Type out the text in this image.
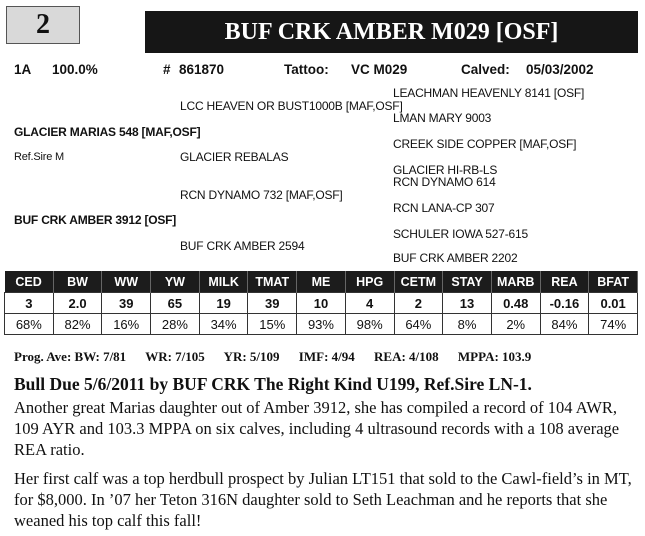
2	BUF CRK AMBER M029 [OSF]
1A 100.0%	# 861870	Tattoo: VC M029	Calved: 05/03/2002
LEACHMAN HEAVENLY 8141 [OSF]
LCC HEAVEN OR BUST1000B [MAF,OSF]
LMAN MARY 9003
GLACIER MARIAS 548 [MAF,OSF]
CREEK SIDE COPPER [MAF,OSF]
Ref.Sire M	GLACIER REBALAS
GLACIER HI-RB-LS
RCN DYNAMO 614
RCN DYNAMO 732 [MAF,OSF]
RCN LANA-CP 307
BUF CRK AMBER 3912 [OSF]
SCHULER IOWA 527-615
BUF CRK AMBER 2594
BUF CRK AMBER 2202
CED	BW	WW	YW	MILK	TMAT	ME	HPG	CETM	STAY	MARB	REA	BFAT
3	2.0	39	65	19	39	10	4	2	13	0.48	-0.16	0.01
68%	82%	16%	28%	34%	15%	93%	98%	64%	8%	2%	84%	74%
Prog. Ave: BW: 7/81 WR: 7/105 YR: 5/109 IMF: 4/94 REA: 4/108 MPPA: 103.9
Bull Due 5/6/2011 by BUF CRK The Right Kind U199, Ref.Sire LN-1.
Another great Marias daughter out of Amber 3912, she has compiled a record of 104 AWR, 109 AYR and 103.3 MPPA on six calves, including 4 ultrasound records with a 108 average REA ratio.
Her first calf was a top herdbull prospect by Julian LT151 that sold to the Cawl-field’s in MT, for $8,000. In ’07 her Teton 316N daughter sold to Seth Leachman and he reports that she weaned his top calf this fall!
